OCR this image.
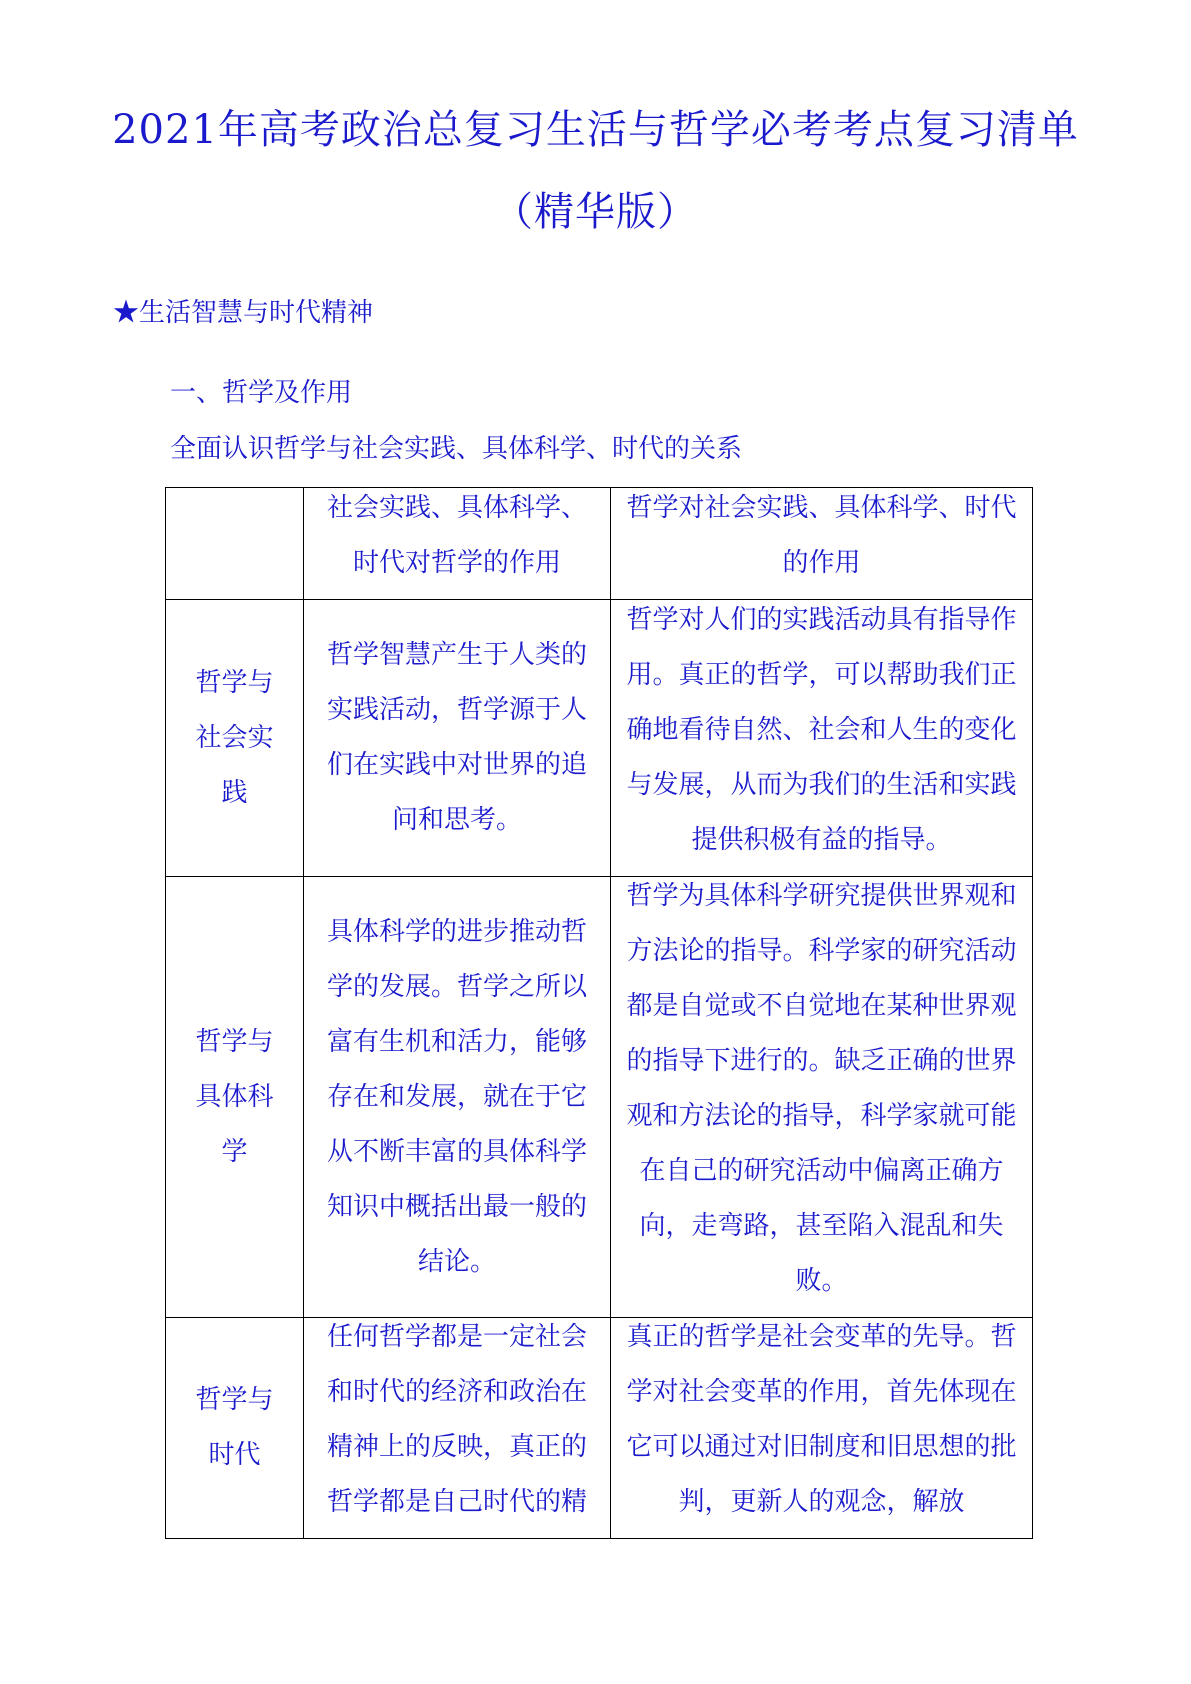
2021年高考政治总复习生活与哲学必考考点复习清单
（精华版）
★生活智慧与时代精神
一、哲学及作用
全面认识哲学与社会实践、具体科学、时代的关系

	社会实践、具体科学、时代对哲学的作用	哲学对社会实践、具体科学、时代的作用

哲学与社会实践	哲学智慧产生于人类的实践活动，哲学源于人们在实践中对世界的追问和思考。	哲学对人们的实践活动具有指导作用。真正的哲学，可以帮助我们正确地看待自然、社会和人生的变化与发展，从而为我们的生活和实践提供积极有益的指导。

哲学与具体科学	具体科学的进步推动哲学的发展。哲学之所以富有生机和活力，能够存在和发展，就在于它从不断丰富的具体科学知识中概括出最一般的结论。	哲学为具体科学研究提供世界观和方法论的指导。科学家的研究活动都是自觉或不自觉地在某种世界观的指导下进行的。缺乏正确的世界观和方法论的指导，科学家就可能在自己的研究活动中偏离正确方向，走弯路，甚至陷入混乱和失败。

哲学与时代	任何哲学都是一定社会和时代的经济和政治在精神上的反映，真正的哲学都是自己时代的精	真正的哲学是社会变革的先导。哲学对社会变革的作用，首先体现在它可以通过对旧制度和旧思想的批判，更新人的观念，解放
